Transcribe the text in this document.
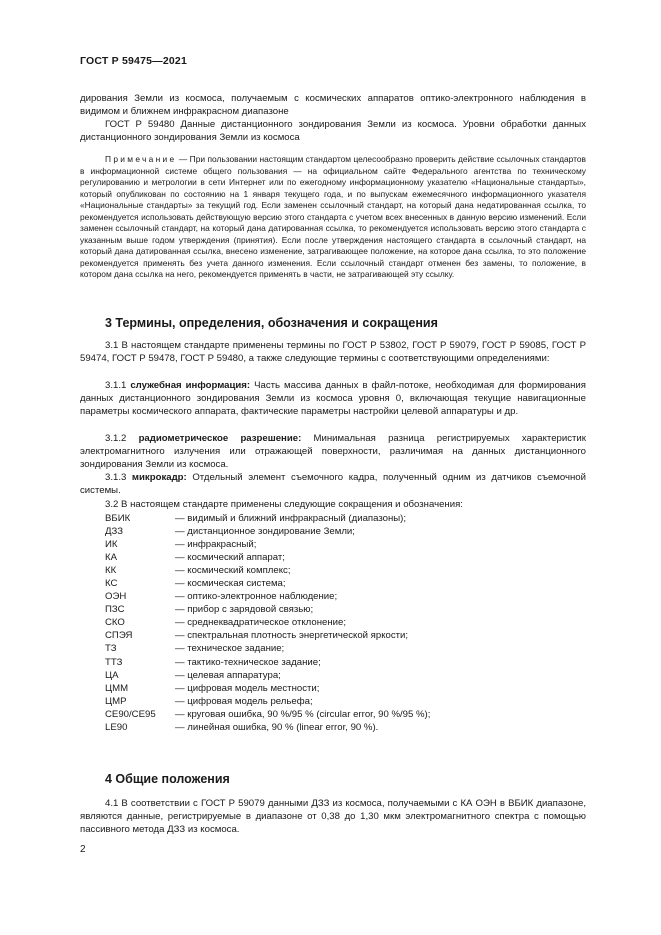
ГОСТ Р 59475—2021

дирования Земли из космоса, получаемым с космических аппаратов оптико-электронного наблюдения в видимом и ближнем инфракрасном диапазоне

ГОСТ Р 59480 Данные дистанционного зондирования Земли из космоса. Уровни обработки данных дистанционного зондирования Земли из космоса

Примечание — При пользовании настоящим стандартом целесообразно проверить действие ссылочных стандартов в информационной системе общего пользования — на официальном сайте Федерального агентства по техническому регулированию и метрологии в сети Интернет или по ежегодному информационному указателю «Национальные стандарты», который опубликован по состоянию на 1 января текущего года, и по выпускам ежемесячного информационного указателя «Национальные стандарты» за текущий год. Если заменен ссылочный стандарт, на который дана недатированная ссылка, то рекомендуется использовать действующую версию этого стандарта с учетом всех внесенных в данную версию изменений. Если заменен ссылочный стандарт, на который дана датированная ссылка, то рекомендуется использовать версию этого стандарта с указанным выше годом утверждения (принятия). Если после утверждения настоящего стандарта в ссылочный стандарт, на который дана датированная ссылка, внесено изменение, затрагивающее положение, на которое дана ссылка, то это положение рекомендуется применять без учета данного изменения. Если ссылочный стандарт отменен без замены, то положение, в котором дана ссылка на него, рекомендуется применять в части, не затрагивающей эту ссылку.

3 Термины, определения, обозначения и сокращения

3.1 В настоящем стандарте применены термины по ГОСТ Р 53802, ГОСТ Р 59079, ГОСТ Р 59085, ГОСТ Р 59474, ГОСТ Р 59478, ГОСТ Р 59480, а также следующие термины с соответствующими определениями:

3.1.1 служебная информация: Часть массива данных в файл-потоке, необходимая для формирования данных дистанционного зондирования Земли из космоса уровня 0, включающая текущие навигационные параметры космического аппарата, фактические параметры настройки целевой аппаратуры и др.

3.1.2 радиометрическое разрешение: Минимальная разница регистрируемых характеристик электромагнитного излучения или отражающей поверхности, различимая на данных дистанционного зондирования Земли из космоса.

3.1.3 микрокадр: Отдельный элемент съемочного кадра, полученный одним из датчиков съемочной системы.

3.2 В настоящем стандарте применены следующие сокращения и обозначения:

ВБИК	— видимый и ближний инфракрасный (диапазоны);
ДЗЗ	— дистанционное зондирование Земли;
ИК	— инфракрасный;
КА	— космический аппарат;
КК	— космический комплекс;
КС	— космическая система;
ОЭН	— оптико-электронное наблюдение;
ПЗС	— прибор с зарядовой связью;
СКО	— среднеквадратическое отклонение;
СПЭЯ	— спектральная плотность энергетической яркости;
ТЗ	— техническое задание;
ТТЗ	— тактико-техническое задание;
ЦА	— целевая аппаратура;
ЦММ	— цифровая модель местности;
ЦМР	— цифровая модель рельефа;
CE90/CE95	— круговая ошибка, 90 %/95 % (circular error, 90 %/95 %);
LE90	— линейная ошибка, 90 % (linear error, 90 %).
4 Общие положения

4.1 В соответствии с ГОСТ Р 59079 данными ДЗЗ из космоса, получаемыми с КА ОЭН в ВБИК диапазоне, являются данные, регистрируемые в диапазоне от 0,38 до 1,30 мкм электромагнитного спектра с помощью пассивного метода ДЗЗ из космоса.

2
